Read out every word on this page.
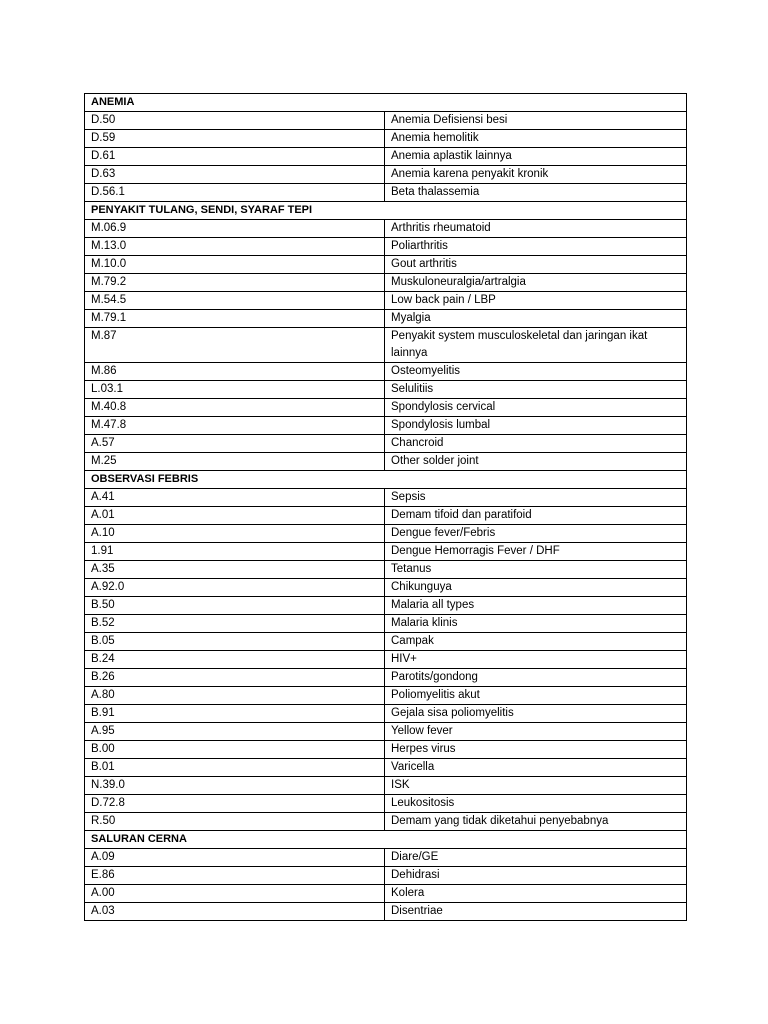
ANEMIA	
D.50	Anemia Defisiensi besi
D.59	Anemia hemolitik
D.61	Anemia aplastik lainnya
D.63	Anemia karena penyakit kronik
D.56.1	Beta thalassemia
PENYAKIT TULANG, SENDI, SYARAF TEPI	
M.06.9	Arthritis rheumatoid
M.13.0	Poliarthritis
M.10.0	Gout arthritis
M.79.2	Muskuloneuralgia/artralgia
M.54.5	Low back pain / LBP
M.79.1	Myalgia
M.87	Penyakit system musculoskeletal dan jaringan ikat lainnya
M.86	Osteomyelitis
L.03.1	Selulitiis
M.40.8	Spondylosis cervical
M.47.8	Spondylosis lumbal
A.57	Chancroid
M.25	Other solder joint
OBSERVASI FEBRIS	
A.41	Sepsis
A.01	Demam tifoid dan paratifoid
A.10	Dengue fever/Febris
1.91	Dengue Hemorragis Fever / DHF
A.35	Tetanus
A.92.0	Chikunguya
B.50	Malaria all types
B.52	Malaria klinis
B.05	Campak
B.24	HIV+
B.26	Parotits/gondong
A.80	Poliomyelitis akut
B.91	Gejala sisa poliomyelitis
A.95	Yellow fever
B.00	Herpes virus
B.01	Varicella
N.39.0	ISK
D.72.8	Leukositosis
R.50	Demam yang tidak diketahui penyebabnya
SALURAN CERNA	
A.09	Diare/GE
E.86	Dehidrasi
A.00	Kolera
A.03	Disentriae
